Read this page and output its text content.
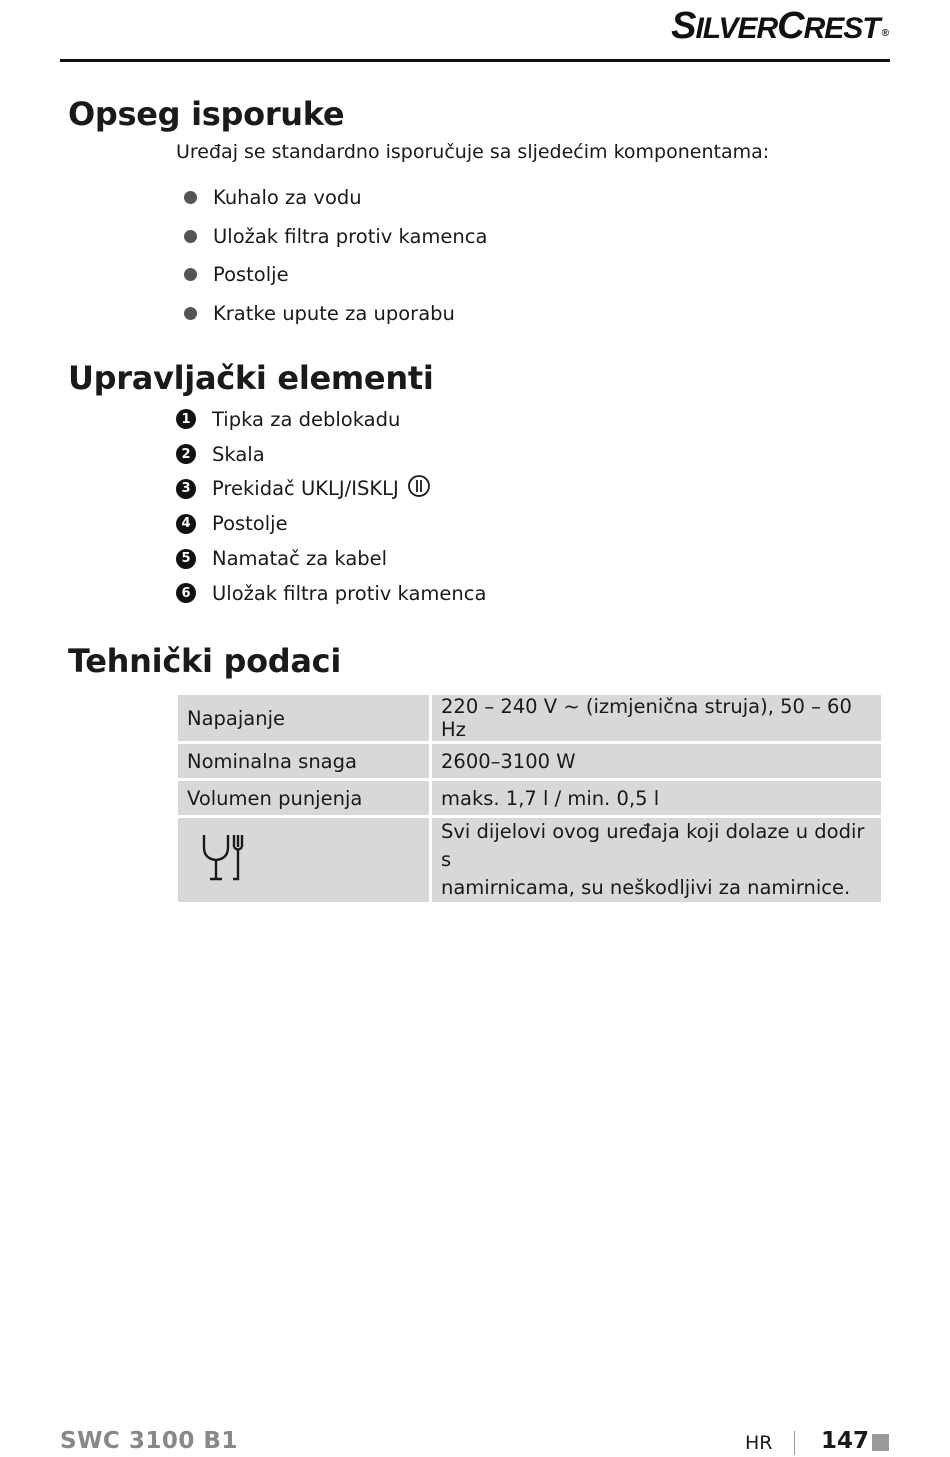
SILVERCREST ®
Opseg isporuke

Uređaj se standardno isporučuje sa sljedećim komponentama:

Kuhalo za vodu
Uložak filtra protiv kamenca
Postolje
Kratke upute za uporabu
Upravljački elementi
1 Tipka za deblokadu
2 Skala
3 Prekidač UKLJ/ISKLJ
4 Postolje
5 Namatač za kabel
6 Uložak filtra protiv kamenca
Tehnički podaci
Napajanje	220 – 240 V ~ (izmjenična struja), 50 – 60 Hz
Nominalna snaga	2600–3100 W
Volumen punjenja	maks. 1,7 l / min. 0,5 l

Svi dijelovi ovog uređaja koji dolaze u dodir s
namirnicama, su neškodljivi za namirnice.
SWC 3100 B1	HR 147
